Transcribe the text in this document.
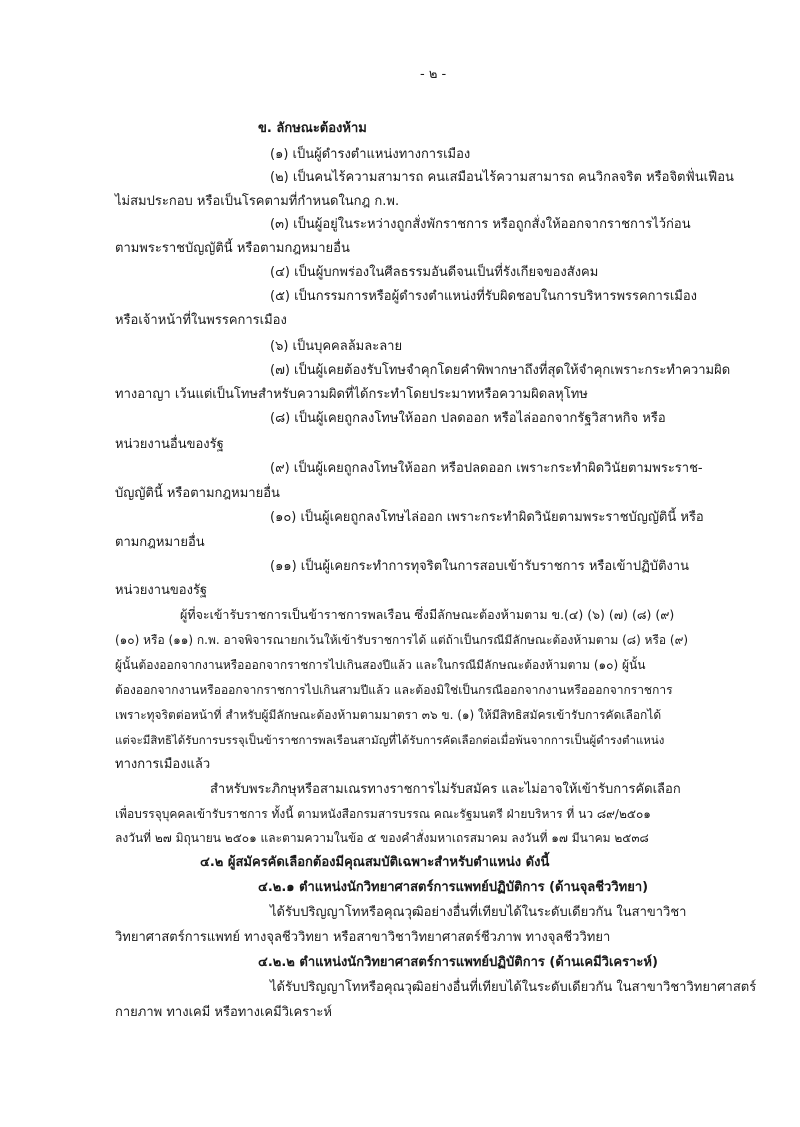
- ๒ -
ข. ลักษณะต้องห้าม
(๑) เป็นผู้ดำรงตำแหน่งทางการเมือง
(๒) เป็นคนไร้ความสามารถ คนเสมือนไร้ความสามารถ คนวิกลจริต หรือจิตฟั่นเฟือน
ไม่สมประกอบ หรือเป็นโรคตามที่กำหนดในกฎ ก.พ.
(๓) เป็นผู้อยู่ในระหว่างถูกสั่งพักราชการ หรือถูกสั่งให้ออกจากราชการไว้ก่อน
ตามพระราชบัญญัตินี้ หรือตามกฎหมายอื่น
(๔) เป็นผู้บกพร่องในศีลธรรมอันดีจนเป็นที่รังเกียจของสังคม
(๕) เป็นกรรมการหรือผู้ดำรงตำแหน่งที่รับผิดชอบในการบริหารพรรคการเมือง
หรือเจ้าหน้าที่ในพรรคการเมือง
(๖) เป็นบุคคลล้มละลาย
(๗) เป็นผู้เคยต้องรับโทษจำคุกโดยคำพิพากษาถึงที่สุดให้จำคุกเพราะกระทำความผิด
ทางอาญา เว้นแต่เป็นโทษสำหรับความผิดที่ได้กระทำโดยประมาทหรือความผิดลหุโทษ
(๘) เป็นผู้เคยถูกลงโทษให้ออก ปลดออก หรือไล่ออกจากรัฐวิสาหกิจ หรือ
หน่วยงานอื่นของรัฐ
(๙) เป็นผู้เคยถูกลงโทษให้ออก หรือปลดออก เพราะกระทำผิดวินัยตามพระราช-
บัญญัตินี้ หรือตามกฎหมายอื่น
(๑๐) เป็นผู้เคยถูกลงโทษไล่ออก เพราะกระทำผิดวินัยตามพระราชบัญญัตินี้ หรือ
ตามกฎหมายอื่น
(๑๑) เป็นผู้เคยกระทำการทุจริตในการสอบเข้ารับราชการ หรือเข้าปฏิบัติงาน
หน่วยงานของรัฐ
ผู้ที่จะเข้ารับราชการเป็นข้าราชการพลเรือน ซึ่งมีลักษณะต้องห้ามตาม ข.(๔) (๖) (๗) (๘) (๙)
(๑๐) หรือ (๑๑) ก.พ. อาจพิจารณายกเว้นให้เข้ารับราชการได้ แต่ถ้าเป็นกรณีมีลักษณะต้องห้ามตาม (๘) หรือ (๙)
ผู้นั้นต้องออกจากงานหรือออกจากราชการไปเกินสองปีแล้ว และในกรณีมีลักษณะต้องห้ามตาม (๑๐) ผู้นั้น
ต้องออกจากงานหรือออกจากราชการไปเกินสามปีแล้ว และต้องมิใช่เป็นกรณีออกจากงานหรือออกจากราชการ
เพราะทุจริตต่อหน้าที่ สำหรับผู้มีลักษณะต้องห้ามตามมาตรา ๓๖ ข. (๑) ให้มีสิทธิสมัครเข้ารับการคัดเลือกได้
แต่จะมีสิทธิได้รับการบรรจุเป็นข้าราชการพลเรือนสามัญที่ได้รับการคัดเลือกต่อเมื่อพ้นจากการเป็นผู้ดำรงตำแหน่ง
ทางการเมืองแล้ว
สำหรับพระภิกษุหรือสามเณรทางราชการไม่รับสมัคร และไม่อาจให้เข้ารับการคัดเลือก
เพื่อบรรจุบุคคลเข้ารับราชการ ทั้งนี้ ตามหนังสือกรมสารบรรณ คณะรัฐมนตรี ฝ่ายบริหาร ที่ นว ๘๙/๒๕๐๑
ลงวันที่ ๒๗ มิถุนายน ๒๕๐๑ และตามความในข้อ ๕ ของคำสั่งมหาเถรสมาคม ลงวันที่ ๑๗ มีนาคม ๒๕๓๘
๔.๒ ผู้สมัครคัดเลือกต้องมีคุณสมบัติเฉพาะสำหรับตำแหน่ง ดังนี้
๔.๒.๑ ตำแหน่งนักวิทยาศาสตร์การแพทย์ปฏิบัติการ (ด้านจุลชีววิทยา)
ได้รับปริญญาโทหรือคุณวุฒิอย่างอื่นที่เทียบได้ในระดับเดียวกัน ในสาขาวิชา
วิทยาศาสตร์การแพทย์ ทางจุลชีววิทยา หรือสาขาวิชาวิทยาศาสตร์ชีวภาพ ทางจุลชีววิทยา
๔.๒.๒ ตำแหน่งนักวิทยาศาสตร์การแพทย์ปฏิบัติการ (ด้านเคมีวิเคราะห์)
ได้รับปริญญาโทหรือคุณวุฒิอย่างอื่นที่เทียบได้ในระดับเดียวกัน ในสาขาวิชาวิทยาศาสตร์
กายภาพ ทางเคมี หรือทางเคมีวิเคราะห์
